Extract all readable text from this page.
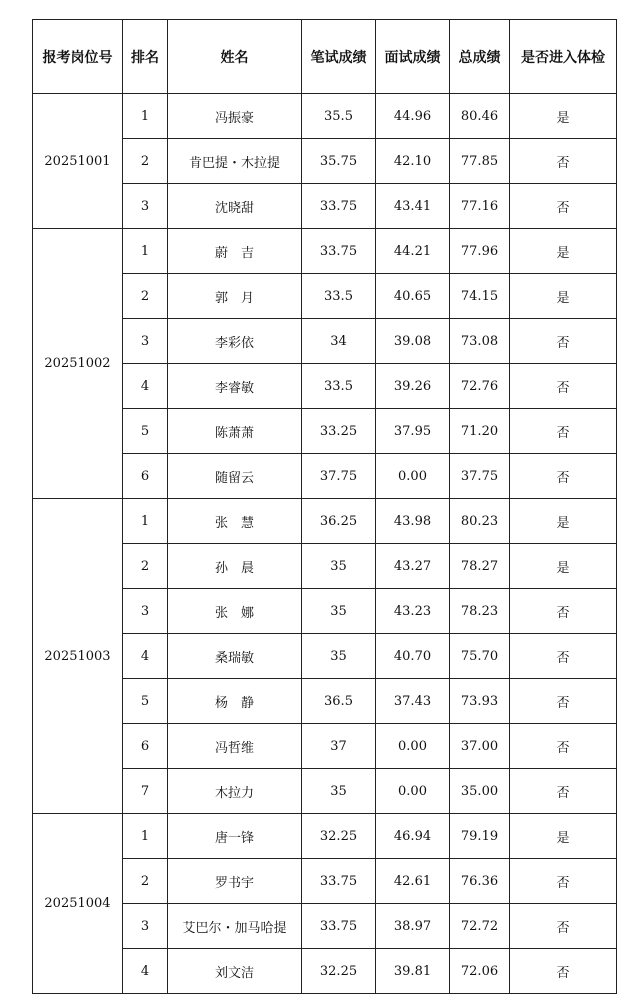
报考岗位号	排名	姓名	笔试成绩	面试成绩	总成绩	是否进入体检
20251001	1	冯振豪	35.5	44.96	80.46	是
	2	肯巴提・木拉提	35.75	42.10	77.85	否
	3	沈晓甜	33.75	43.41	77.16	否
20251002	1	蔚　吉	33.75	44.21	77.96	是
	2	郭　月	33.5	40.65	74.15	是
	3	李彩依	34	39.08	73.08	否
	4	李睿敏	33.5	39.26	72.76	否
	5	陈萧萧	33.25	37.95	71.20	否
	6	随留云	37.75	0.00	37.75	否
20251003	1	张　慧	36.25	43.98	80.23	是
	2	孙　晨	35	43.27	78.27	是
	3	张　娜	35	43.23	78.23	否
	4	桑瑞敏	35	40.70	75.70	否
	5	杨　静	36.5	37.43	73.93	否
	6	冯哲维	37	0.00	37.00	否
	7	木拉力	35	0.00	35.00	否
20251004	1	唐一锋	32.25	46.94	79.19	是
	2	罗书宇	33.75	42.61	76.36	否
	3	艾巴尔・加马哈提	33.75	38.97	72.72	否
	4	刘文洁	32.25	39.81	72.06	否
